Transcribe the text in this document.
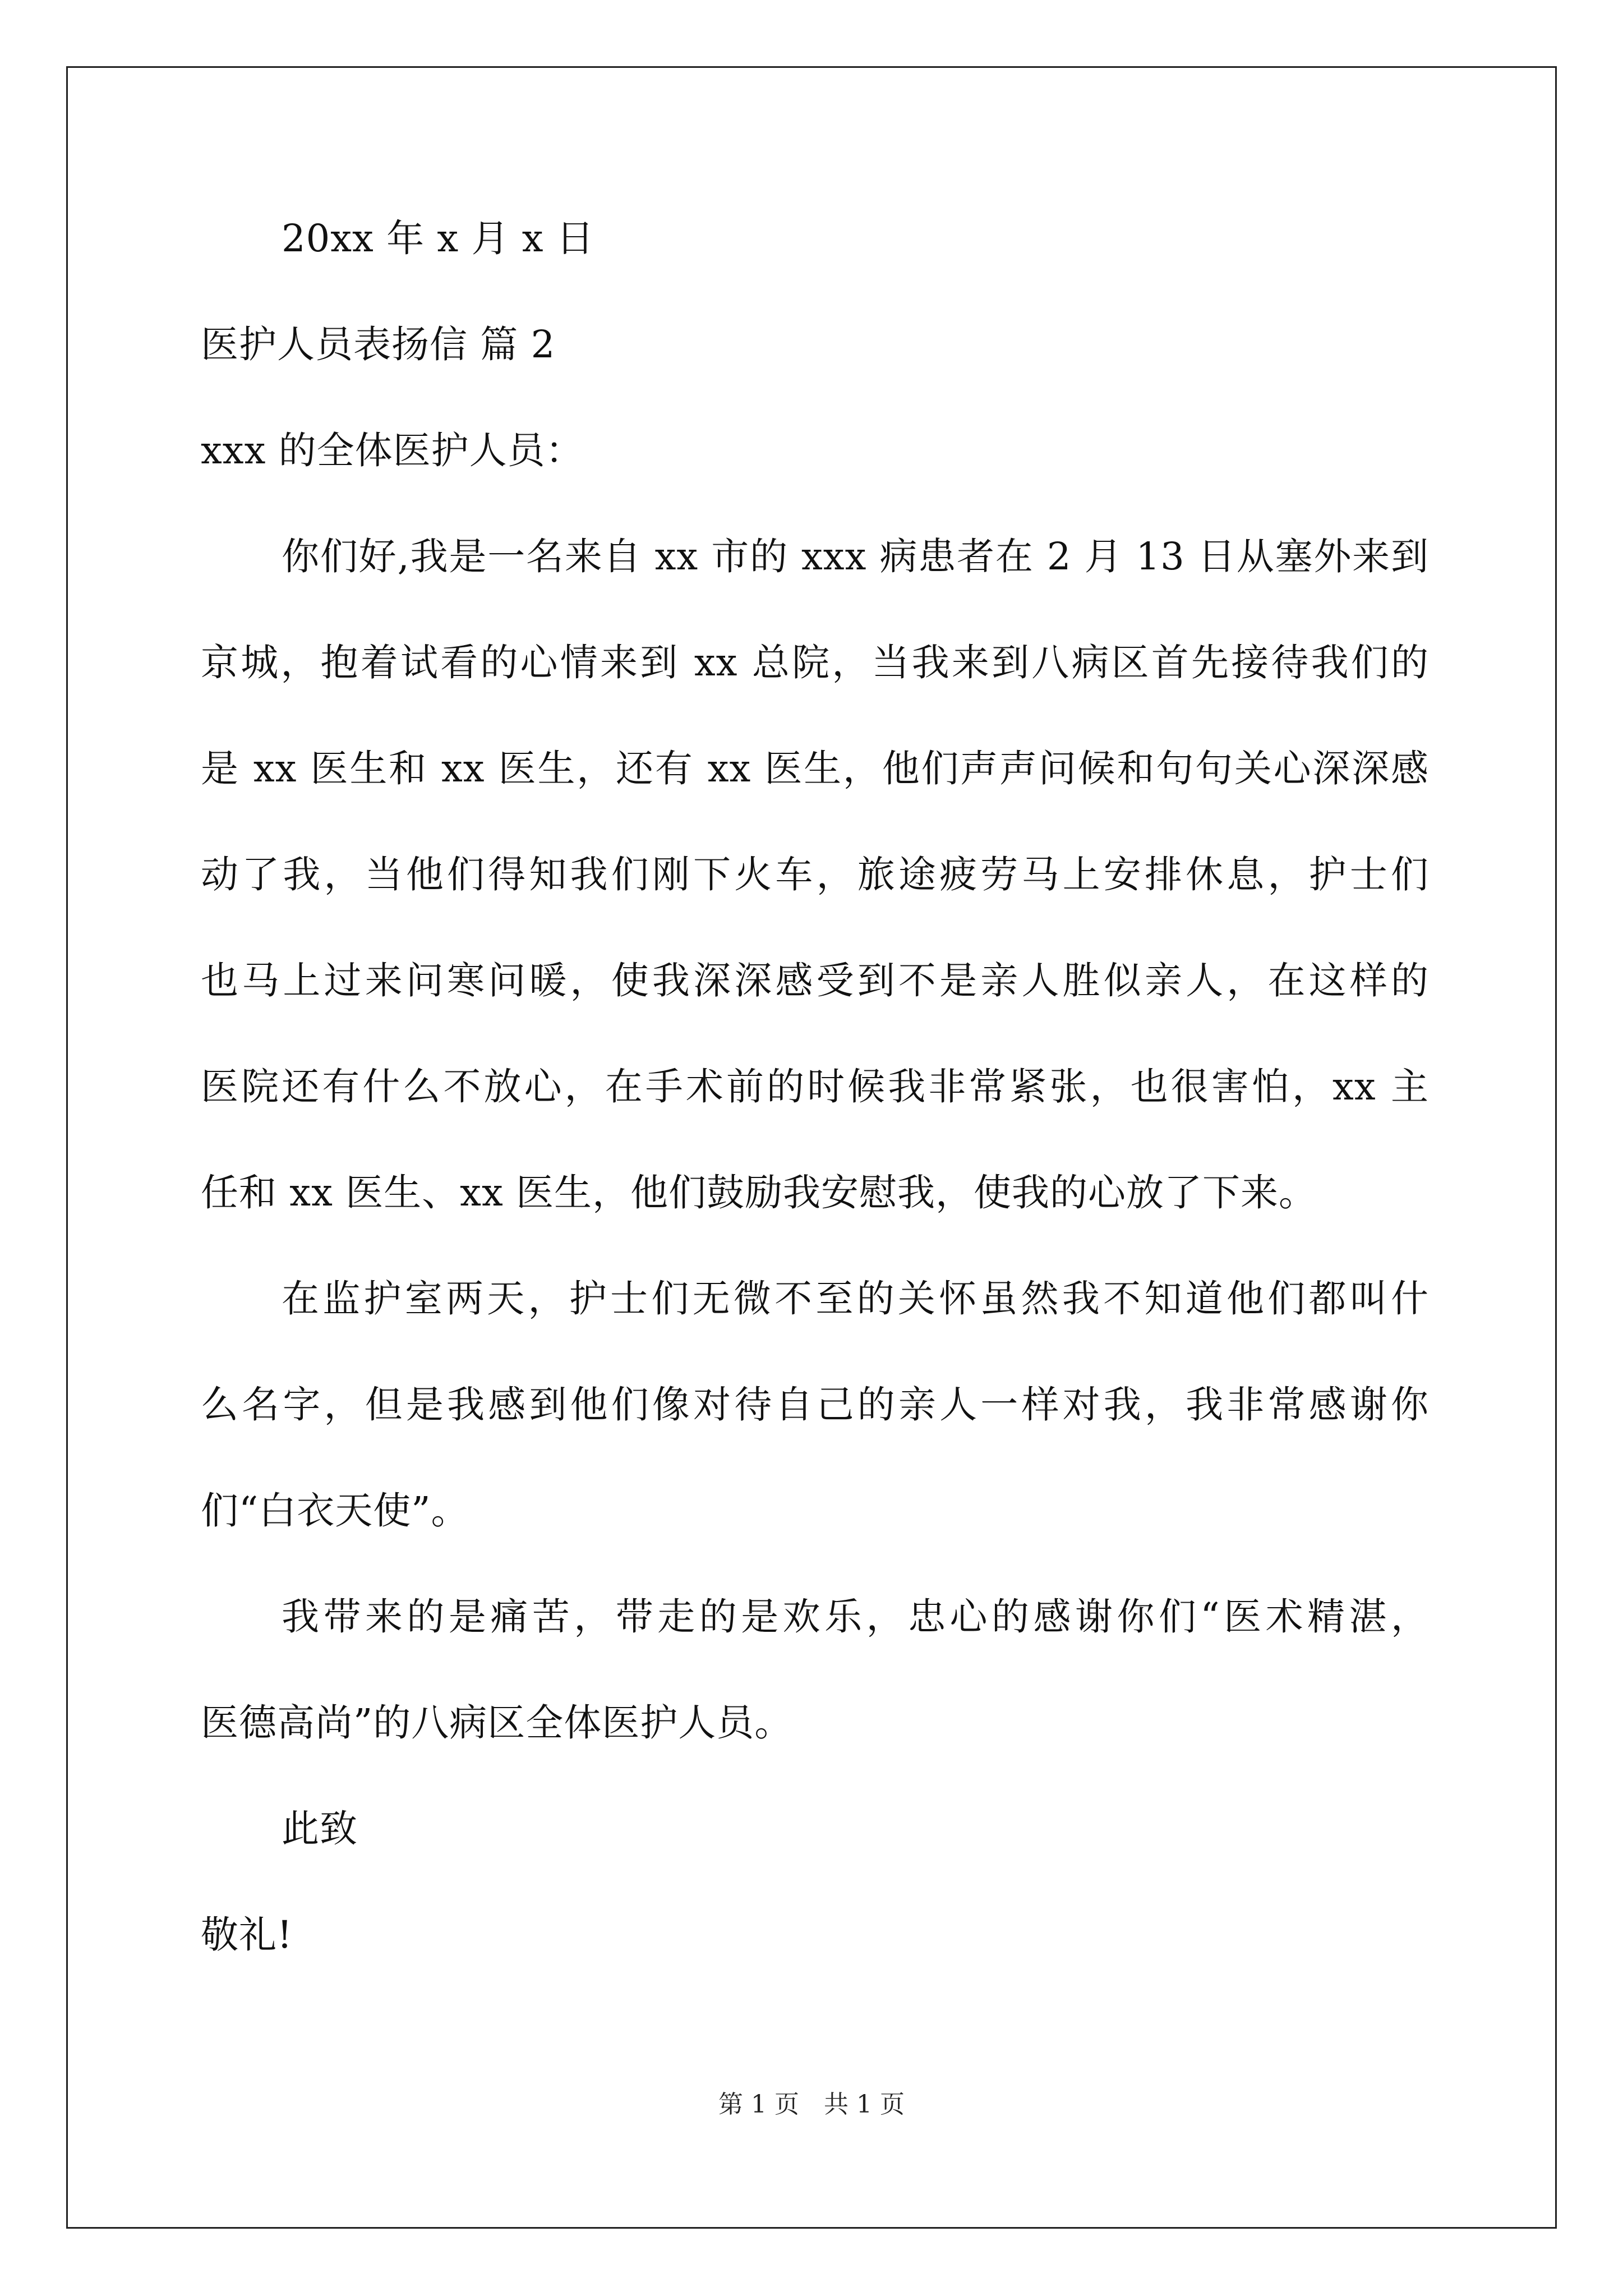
20xx 年 x 月 x 日
医护人员表扬信 篇 2
xxx 的全体医护人员：
你们好,我是一名来自 xx 市的 xxx 病患者在 2 月 13 日从塞外来到
京城，抱着试看的心情来到 xx 总院，当我来到八病区首先接待我们的
是 xx 医生和 xx 医生，还有 xx 医生，他们声声问候和句句关心深深感
动了我，当他们得知我们刚下火车，旅途疲劳马上安排休息，护士们
也马上过来问寒问暖，使我深深感受到不是亲人胜似亲人，在这样的
医院还有什么不放心，在手术前的时候我非常紧张，也很害怕，xx 主
任和 xx 医生、xx 医生，他们鼓励我安慰我，使我的心放了下来。
在监护室两天，护士们无微不至的关怀虽然我不知道他们都叫什
么名字，但是我感到他们像对待自己的亲人一样对我，我非常感谢你
们“白衣天使”。
我带来的是痛苦，带走的是欢乐，忠心的感谢你们“医术精湛，
医德高尚”的八病区全体医护人员。
此致
敬礼!
第 1 页　共 1 页
